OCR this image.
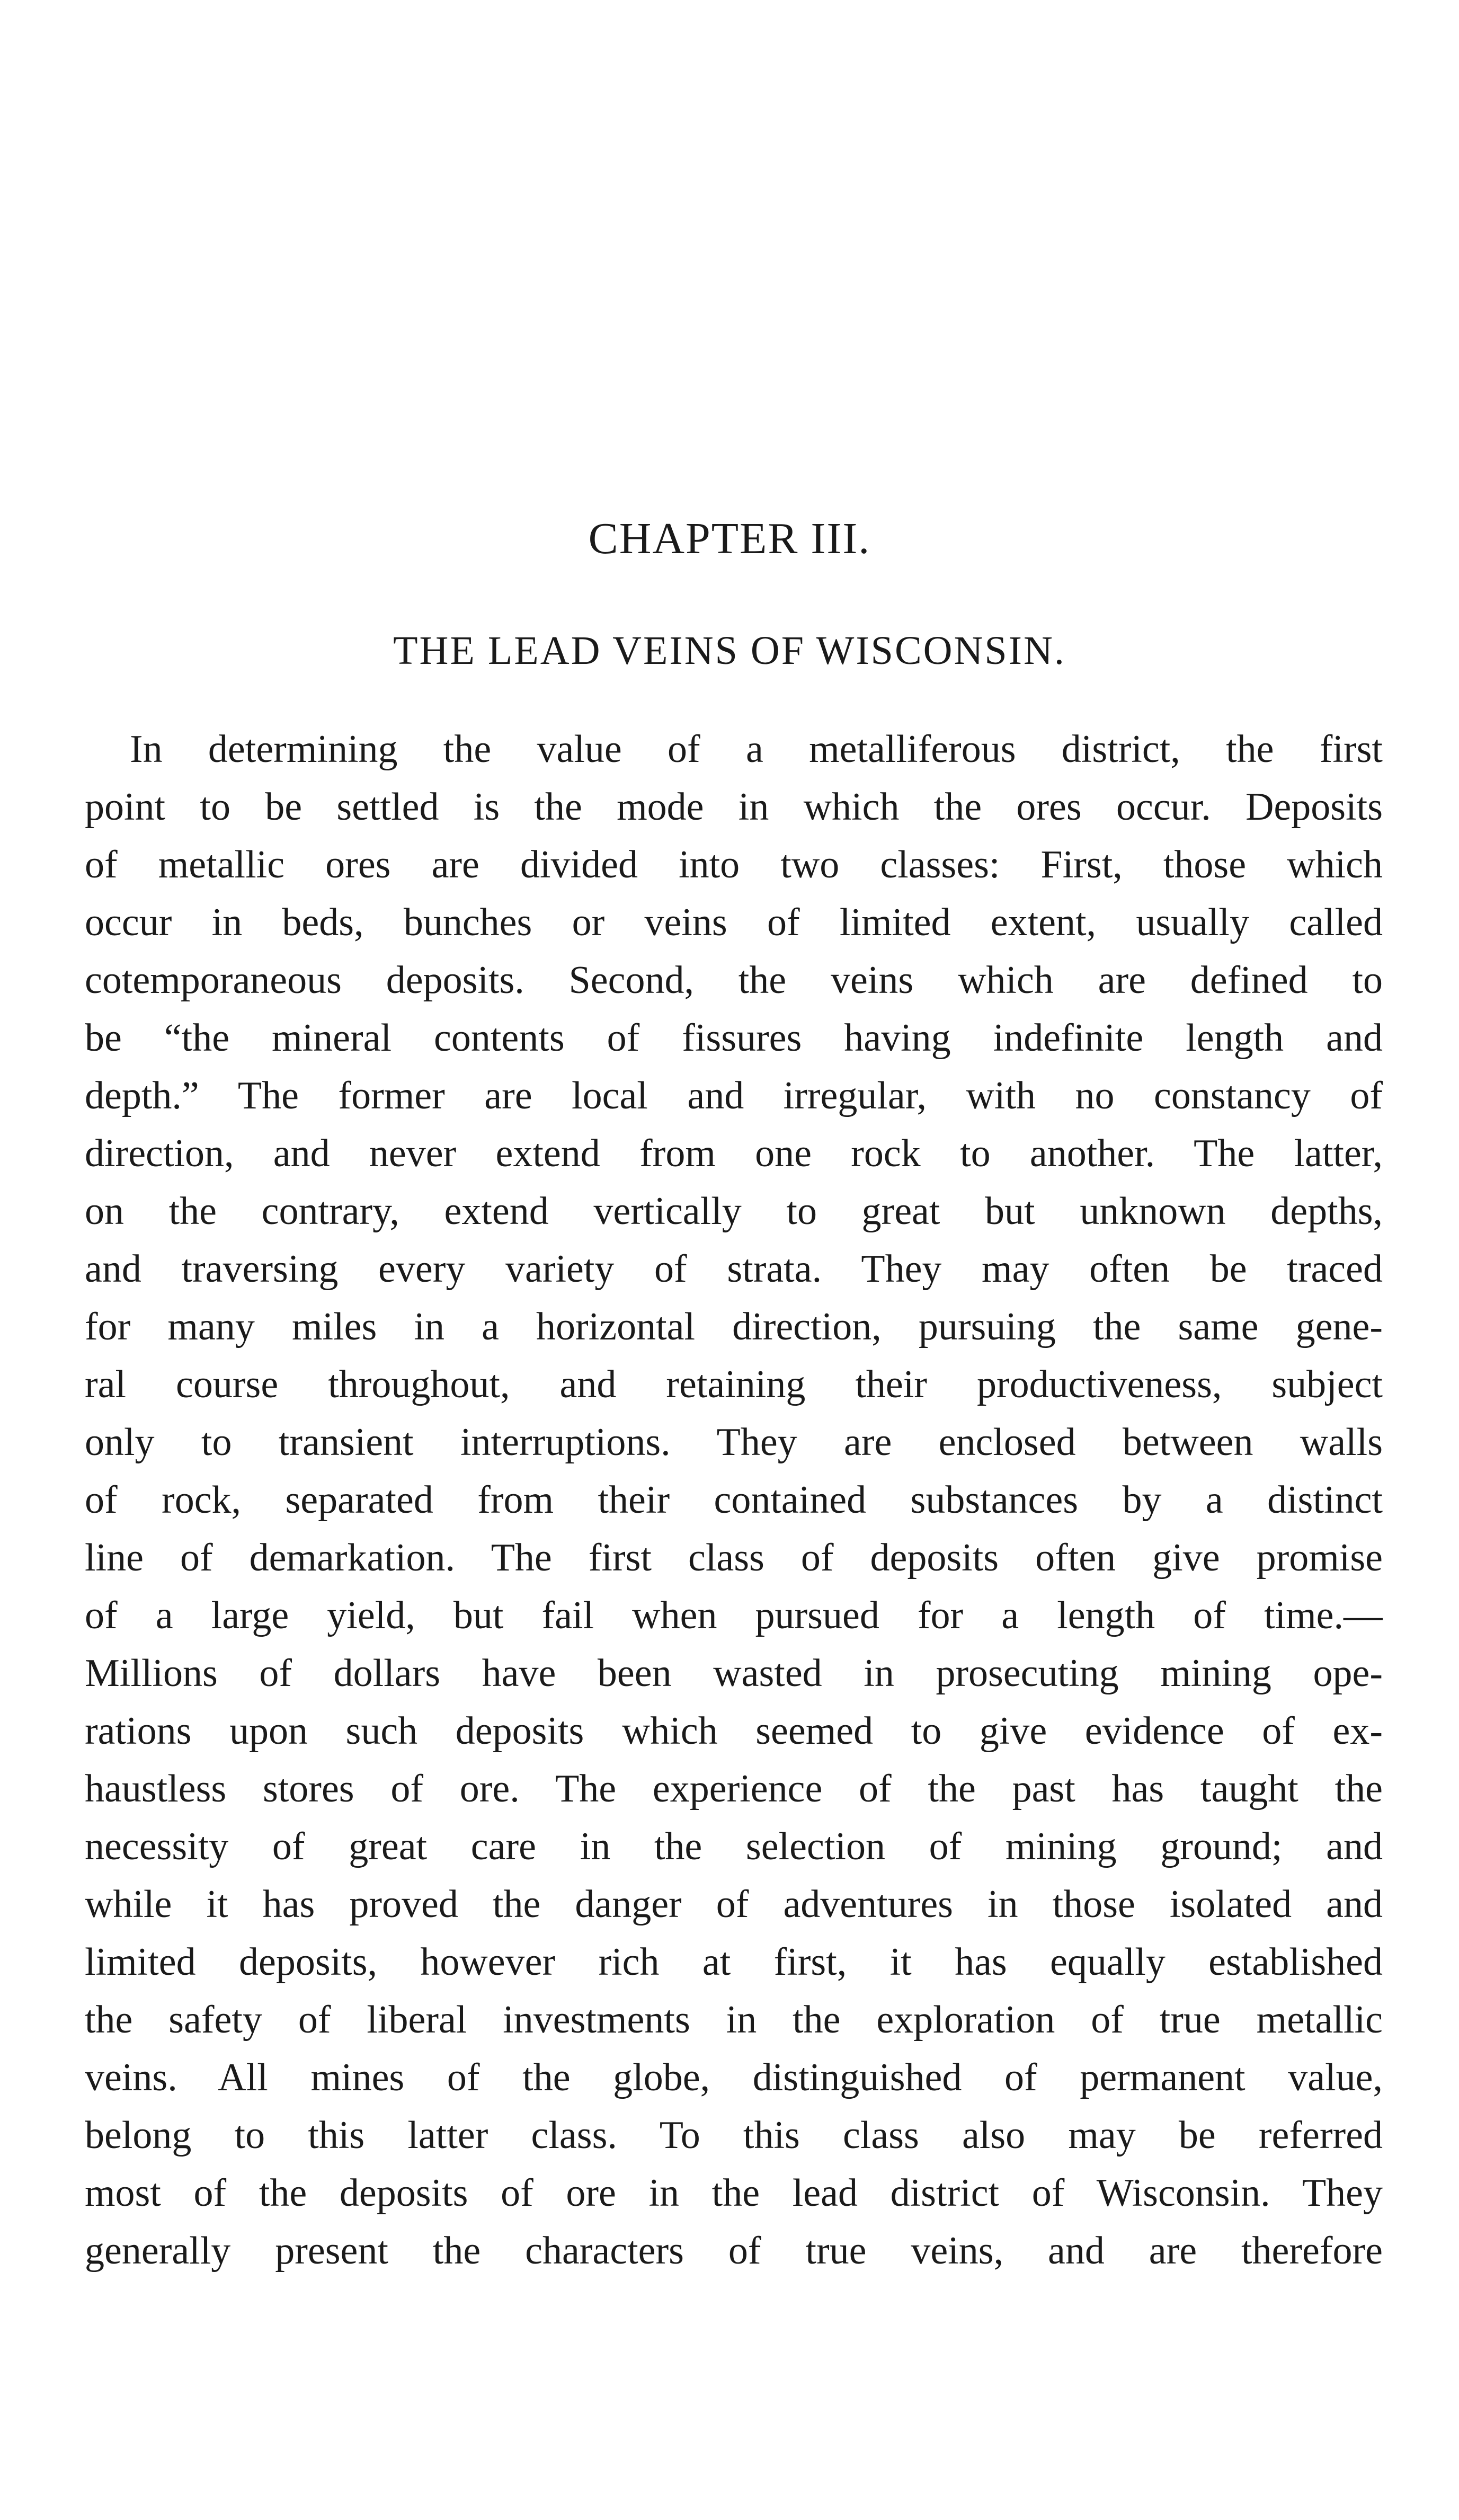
CHAPTER III.
THE LEAD VEINS OF WISCONSIN.
In determining the value of a metalliferous district, the first
point to be settled is the mode in which the ores occur. Deposits
of metallic ores are divided into two classes: First, those which
occur in beds, bunches or veins of limited extent, usually called
cotemporaneous deposits. Second, the veins which are defined to
be “the mineral contents of fissures having indefinite length and
depth.” The former are local and irregular, with no constancy of
direction, and never extend from one rock to another. The latter,
on the contrary, extend vertically to great but unknown depths,
and traversing every variety of strata. They may often be traced
for many miles in a horizontal direction, pursuing the same gene-
ral course throughout, and retaining their productiveness, subject
only to transient interruptions. They are enclosed between walls
of rock, separated from their contained substances by a distinct
line of demarkation. The first class of deposits often give promise
of a large yield, but fail when pursued for a length of time.—
Millions of dollars have been wasted in prosecuting mining ope-
rations upon such deposits which seemed to give evidence of ex-
haustless stores of ore. The experience of the past has taught the
necessity of great care in the selection of mining ground; and
while it has proved the danger of adventures in those isolated and
limited deposits, however rich at first, it has equally established
the safety of liberal investments in the exploration of true metallic
veins. All mines of the globe, distinguished of permanent value,
belong to this latter class. To this class also may be referred
most of the deposits of ore in the lead district of Wisconsin. They
generally present the characters of true veins, and are therefore
